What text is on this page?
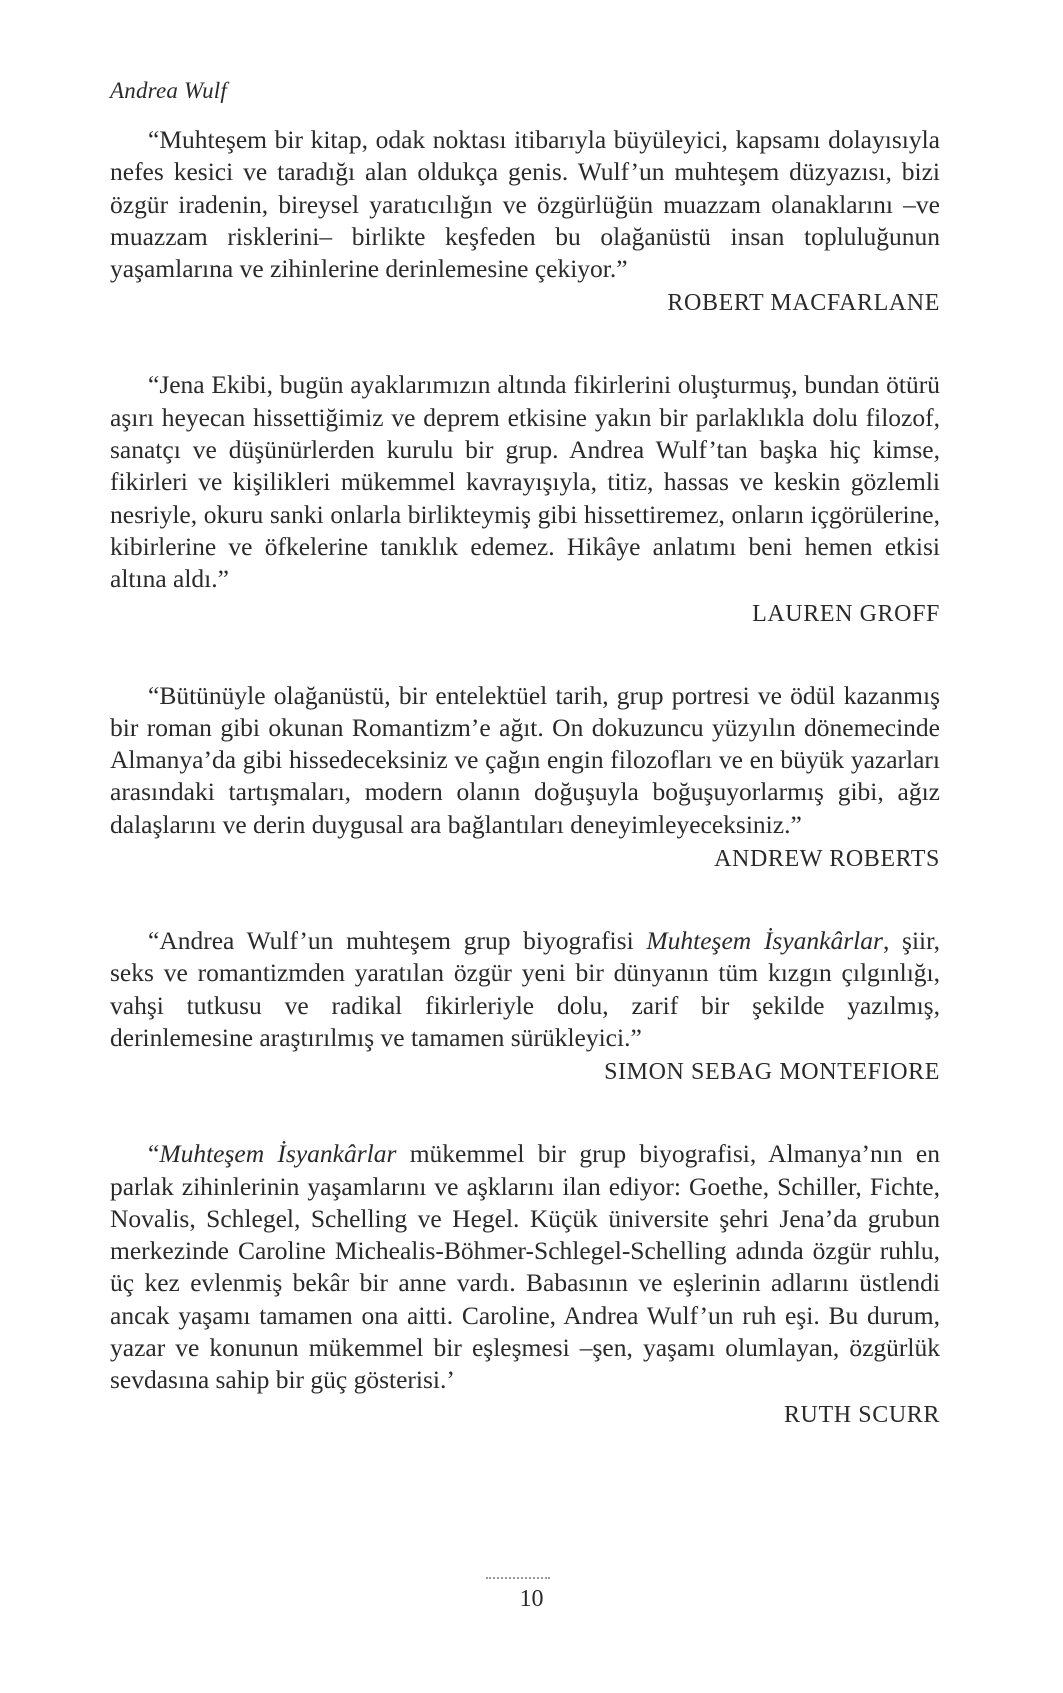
Andrea Wulf

“Muhteşem bir kitap, odak noktası itibarıyla büyüleyici, kapsamı dolayısıyla nefes kesici ve taradığı alan oldukça genis. Wulf’un muhteşem düzyazısı, bizi özgür iradenin, bireysel yaratıcılığın ve özgürlüğün muazzam olanaklarını –ve muazzam risklerini– birlikte keşfeden bu olağanüstü insan topluluğunun yaşamlarına ve zihinlerine derinlemesine çekiyor.”

ROBERT MACFARLANE

“Jena Ekibi, bugün ayaklarımızın altında fikirlerini oluşturmuş, bundan ötürü aşırı heyecan hissettiğimiz ve deprem etkisine yakın bir parlaklıkla dolu filozof, sanatçı ve düşünürlerden kurulu bir grup. Andrea Wulf’tan başka hiç kimse, fikirleri ve kişilikleri mükemmel kavrayışıyla, titiz, hassas ve keskin gözlemli nesriyle, okuru sanki onlarla birlikteymiş gibi hissettiremez, onların içgörülerine, kibirlerine ve öfkelerine tanıklık edemez. Hikâye anlatımı beni hemen etkisi altına aldı.”

LAUREN GROFF

“Bütünüyle olağanüstü, bir entelektüel tarih, grup portresi ve ödül kazanmış bir roman gibi okunan Romantizm’e ağıt. On dokuzuncu yüzyılın dönemecinde Almanya’da gibi hissedeceksiniz ve çağın engin filozofları ve en büyük yazarları arasındaki tartışmaları, modern olanın doğuşuyla boğuşuyorlarmış gibi, ağız dalaşlarını ve derin duygusal ara bağlantıları deneyimleyeceksiniz.”

ANDREW ROBERTS

“Andrea Wulf’un muhteşem grup biyografisi Muhteşem İsyankârlar, şiir, seks ve romantizmden yaratılan özgür yeni bir dünyanın tüm kızgın çılgınlığı, vahşi tutkusu ve radikal fikirleriyle dolu, zarif bir şekilde yazılmış, derinlemesine araştırılmış ve tamamen sürükleyici.”

SIMON SEBAG MONTEFIORE

“Muhteşem İsyankârlar mükemmel bir grup biyografisi, Almanya’nın en parlak zihinlerinin yaşamlarını ve aşklarını ilan ediyor: Goethe, Schiller, Fichte, Novalis, Schlegel, Schelling ve Hegel. Küçük üniversite şehri Jena’da grubun merkezinde Caroline Michealis-Böhmer-Schlegel-Schelling adında özgür ruhlu, üç kez evlenmiş bekâr bir anne vardı. Babasının ve eşlerinin adlarını üstlendi ancak yaşamı tamamen ona aitti. Caroline, Andrea Wulf’un ruh eşi. Bu durum, yazar ve konunun mükemmel bir eşleşmesi –şen, yaşamı olumlayan, özgürlük sevdasına sahip bir güç gösterisi.’

RUTH SCURR
10
